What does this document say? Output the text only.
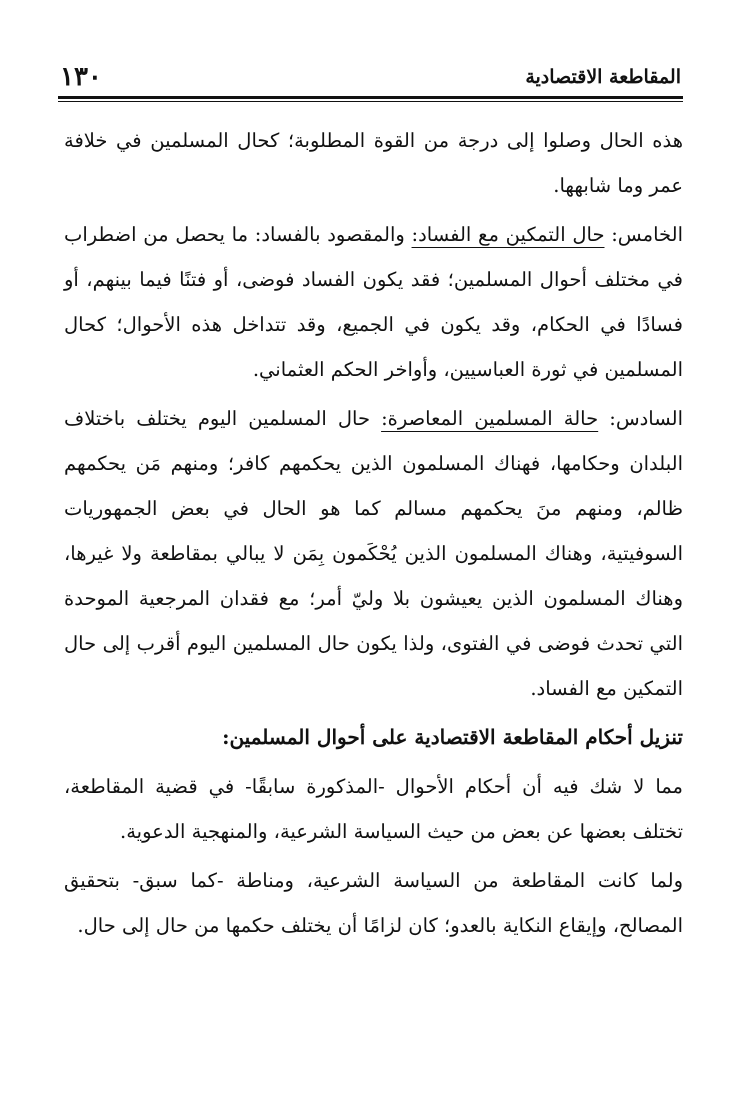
المقاطعة الاقتصادية
١٣٠

هذه الحال وصلوا إلى درجة من القوة المطلوبة؛ كحال المسلمين في خلافة عمر وما شابهها.

الخامس: حال التمكين مع الفساد: والمقصود بالفساد: ما يحصل من اضطراب في مختلف أحوال المسلمين؛ فقد يكون الفساد فوضى، أو فتنًا فيما بينهم، أو فسادًا في الحكام، وقد يكون في الجميع، وقد تتداخل هذه الأحوال؛ كحال المسلمين في ثورة العباسيين، وأواخر الحكم العثماني.

السادس: حالة المسلمين المعاصرة: حال المسلمين اليوم يختلف باختلاف البلدان وحكامها، فهناك المسلمون الذين يحكمهم كافر؛ ومنهم مَن يحكمهم ظالم، ومنهم منَ يحكمهم مسالم كما هو الحال في بعض الجمهوريات السوفيتية، وهناك المسلمون الذين يُحْكَمون بِمَن لا يبالي بمقاطعة ولا غيرها، وهناك المسلمون الذين يعيشون بلا وليّ أمر؛ مع فقدان المرجعية الموحدة التي تحدث فوضى في الفتوى، ولذا يكون حال المسلمين اليوم أقرب إلى حال التمكين مع الفساد.

تنزيل أحكام المقاطعة الاقتصادية على أحوال المسلمين:

مما لا شك فيه أن أحكام الأحوال -المذكورة سابقًا- في قضية المقاطعة، تختلف بعضها عن بعض من حيث السياسة الشرعية، والمنهجية الدعوية.

ولما كانت المقاطعة من السياسة الشرعية، ومناطة -كما سبق- بتحقيق المصالح، وإيقاع النكاية بالعدو؛ كان لزامًا أن يختلف حكمها من حال إلى حال.
